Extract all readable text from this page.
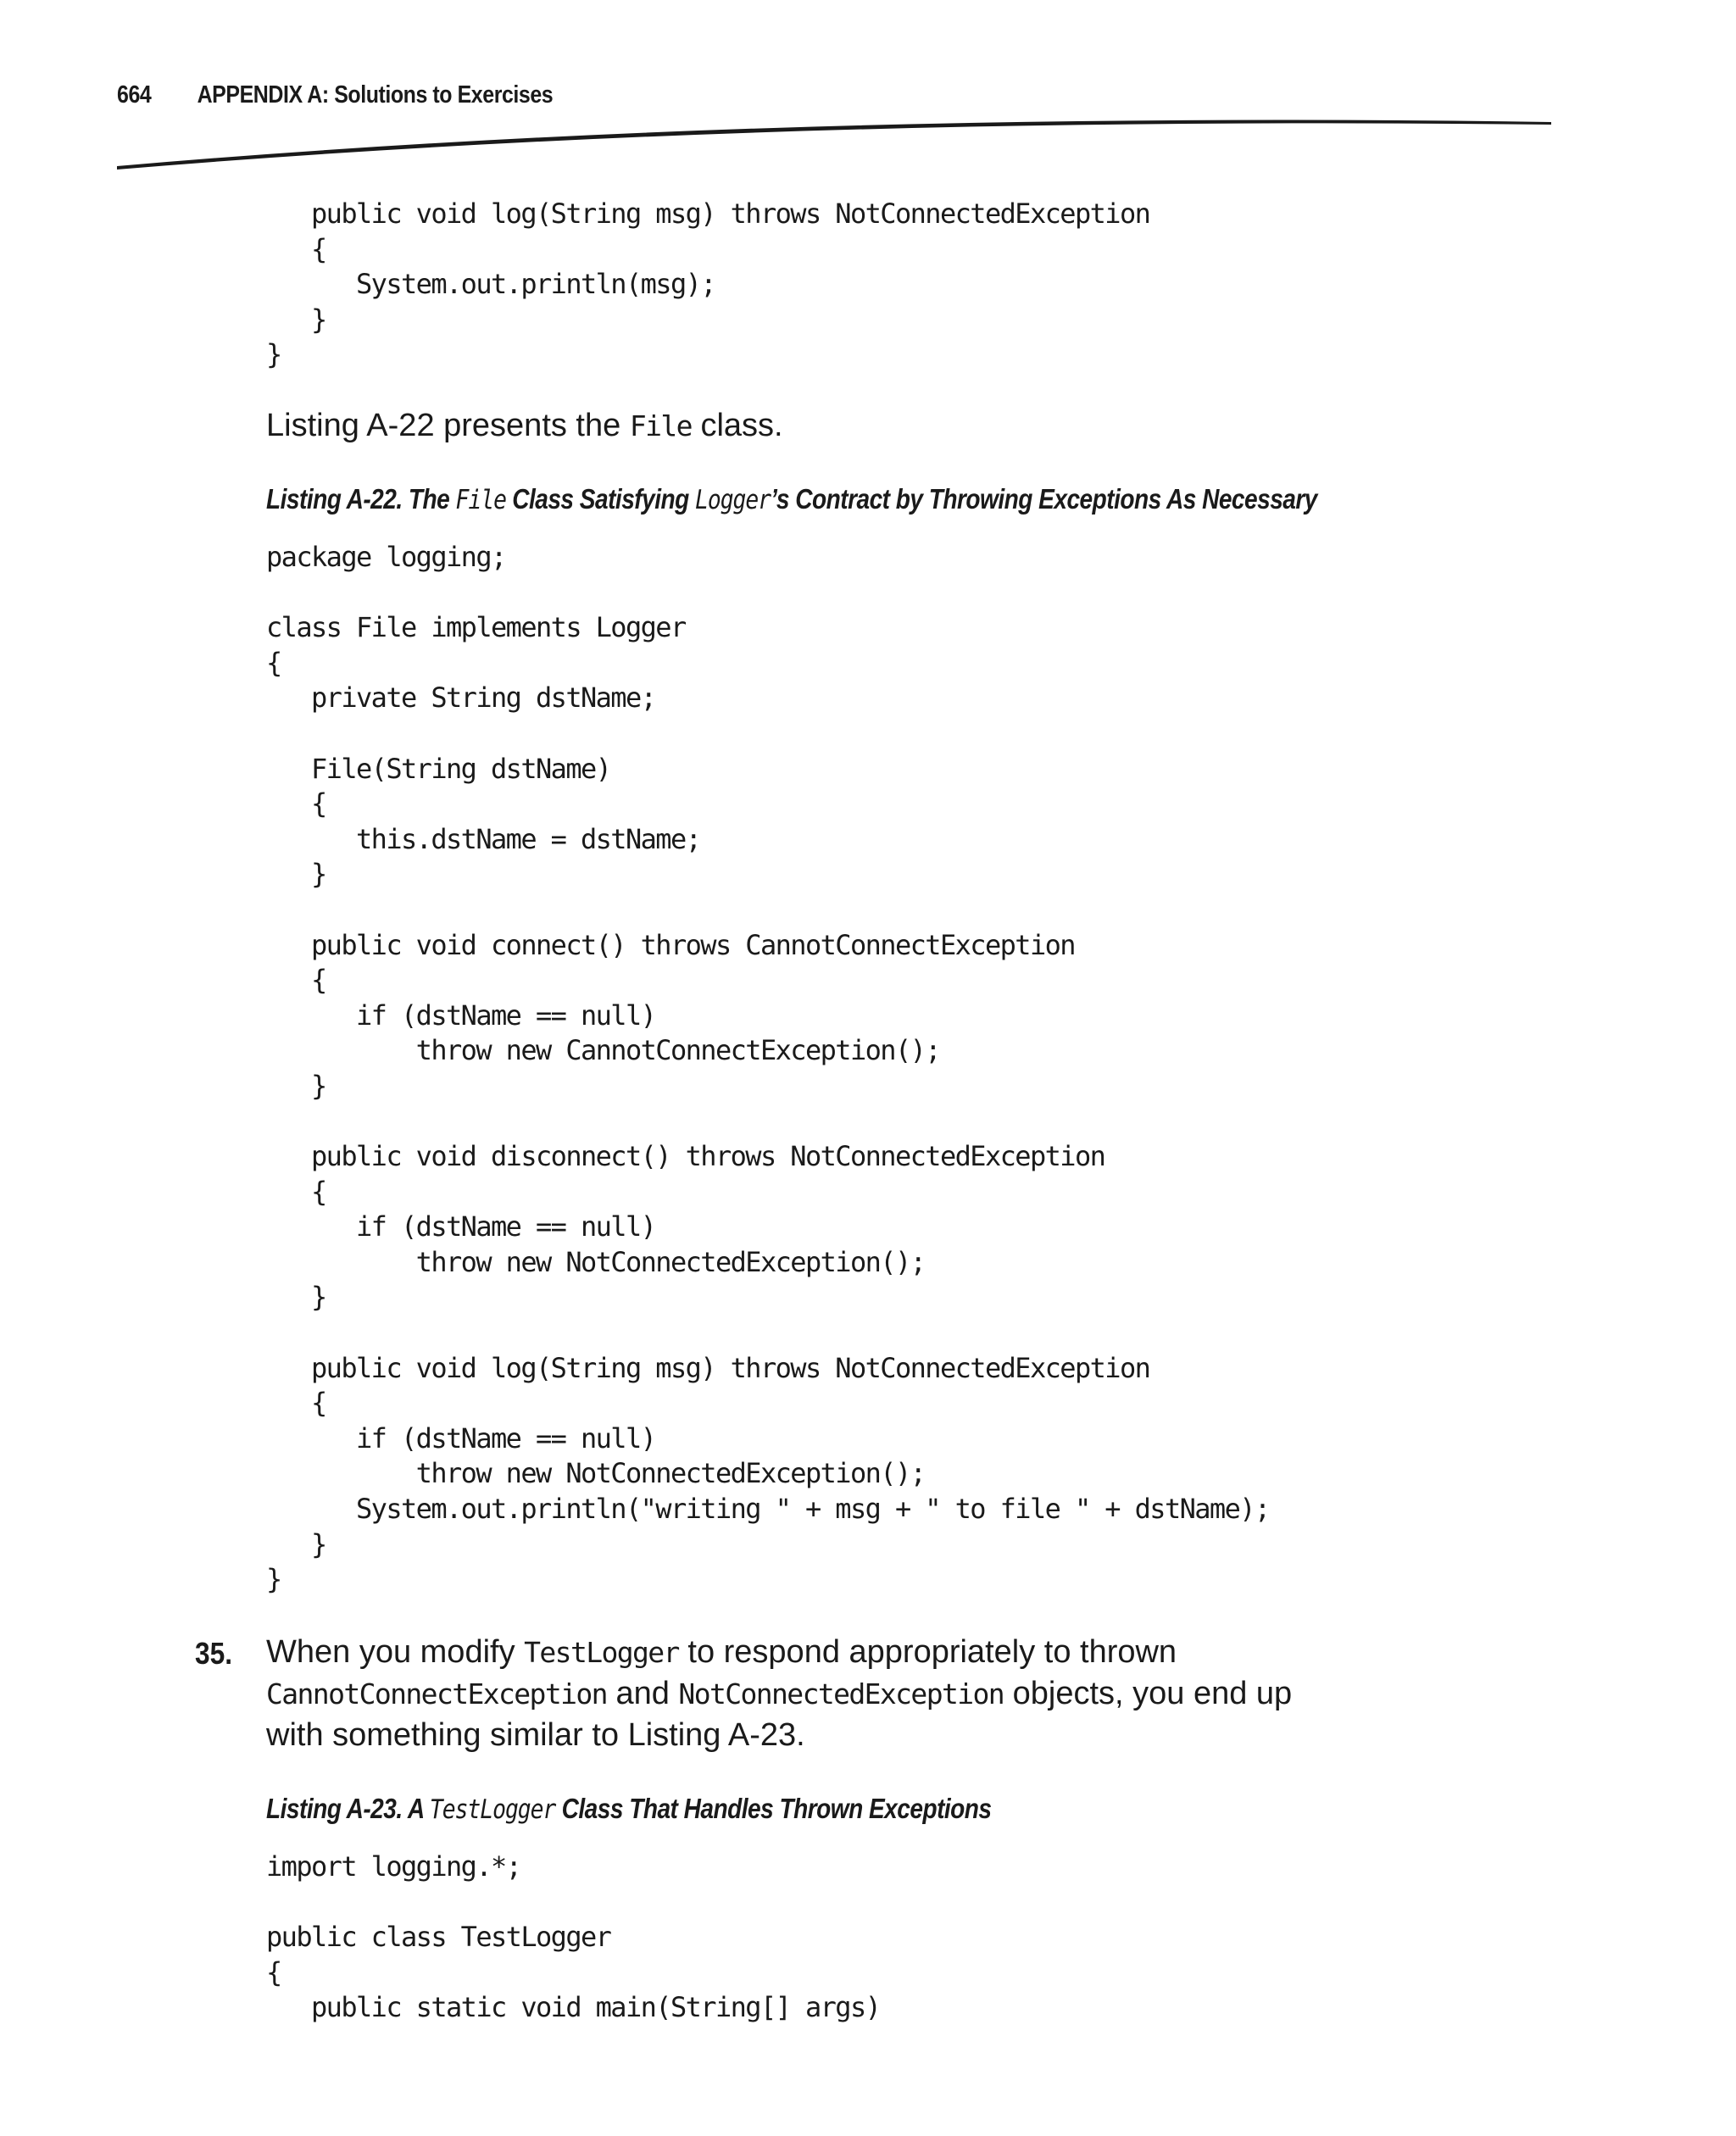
664 APPENDIX A: Solutions to Exercises
public void log(String msg) throws NotConnectedException
{
System.out.println(msg);
}
}

Listing A-22 presents the File class.

Listing A-22. The File Class Satisfying Logger’s Contract by Throwing Exceptions As Necessary

package logging;

class File implements Logger
{
private String dstName;

File(String dstName)
{
this.dstName = dstName;
}

public void connect() throws CannotConnectException
{
if (dstName == null)
throw new CannotConnectException();
}

public void disconnect() throws NotConnectedException
{
if (dstName == null)
throw new NotConnectedException();
}

public void log(String msg) throws NotConnectedException
{
if (dstName == null)
throw new NotConnectedException();
System.out.println("writing " + msg + " to file " + dstName);
}
}
35. When you modify TestLogger to respond appropriately to thrown
CannotConnectException and NotConnectedException objects, you end up
with something similar to Listing A-23.

Listing A-23. A TestLogger Class That Handles Thrown Exceptions

import logging.*;

public class TestLogger
{
public static void main(String[] args)
